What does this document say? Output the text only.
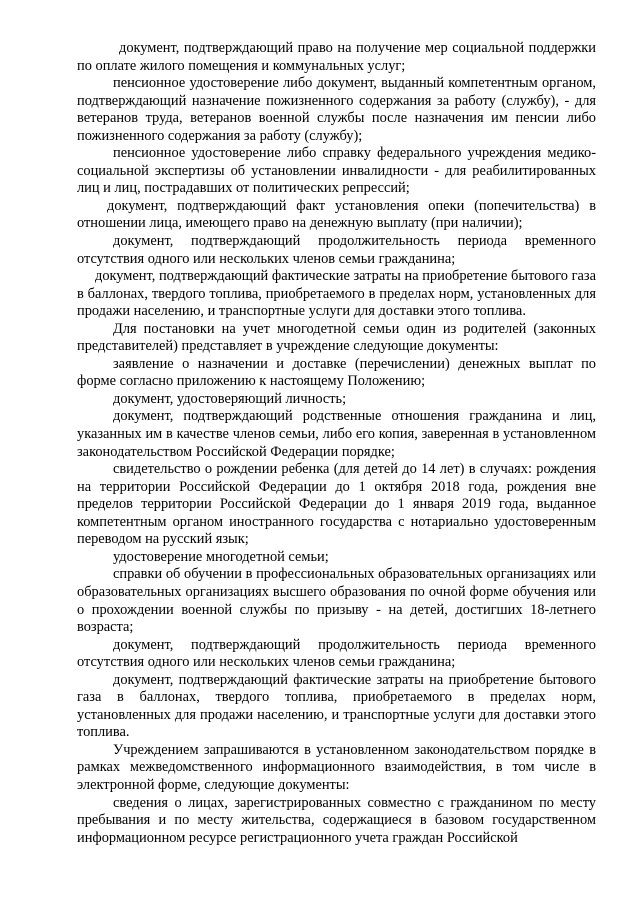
документ, подтверждающий право на получение мер социальной поддержки по оплате жилого помещения и коммунальных услуг;

пенсионное удостоверение либо документ, выданный компетентным органом, подтверждающий назначение пожизненного содержания за работу (службу), - для ветеранов труда, ветеранов военной службы после назначения им пенсии либо пожизненного содержания за работу (службу);

пенсионное удостоверение либо справку федерального учреждения медико-социальной экспертизы об установлении инвалидности - для реабилитированных лиц и лиц, пострадавших от политических репрессий;

документ, подтверждающий факт установления опеки (попечительства) в отношении лица, имеющего право на денежную выплату (при наличии);

документ, подтверждающий продолжительность периода временного отсутствия одного или нескольких членов семьи гражданина;

документ, подтверждающий фактические затраты на приобретение бытового газа в баллонах, твердого топлива, приобретаемого в пределах норм, установленных для продажи населению, и транспортные услуги для доставки этого топлива.

Для постановки на учет многодетной семьи один из родителей (законных представителей) представляет в учреждение следующие документы:

заявление о назначении и доставке (перечислении) денежных выплат по форме согласно приложению к настоящему Положению;

документ, удостоверяющий личность;

документ, подтверждающий родственные отношения гражданина и лиц, указанных им в качестве членов семьи, либо его копия, заверенная в установленном законодательством Российской Федерации порядке;

свидетельство о рождении ребенка (для детей до 14 лет) в случаях: рождения на территории Российской Федерации до 1 октября 2018 года, рождения вне пределов территории Российской Федерации до 1 января 2019 года, выданное компетентным органом иностранного государства с нотариально удостоверенным переводом на русский язык;

удостоверение многодетной семьи;

справки об обучении в профессиональных образовательных организациях или образовательных организациях высшего образования по очной форме обучения или о прохождении военной службы по призыву - на детей, достигших 18-летнего возраста;

документ, подтверждающий продолжительность периода временного отсутствия одного или нескольких членов семьи гражданина;

документ, подтверждающий фактические затраты на приобретение бытового газа в баллонах, твердого топлива, приобретаемого в пределах норм, установленных для продажи населению, и транспортные услуги для доставки этого топлива.

Учреждением запрашиваются в установленном законодательством порядке в рамках межведомственного информационного взаимодействия, в том числе в электронной форме, следующие документы:

сведения о лицах, зарегистрированных совместно с гражданином по месту пребывания и по месту жительства, содержащиеся в базовом государственном информационном ресурсе регистрационного учета граждан Российской
